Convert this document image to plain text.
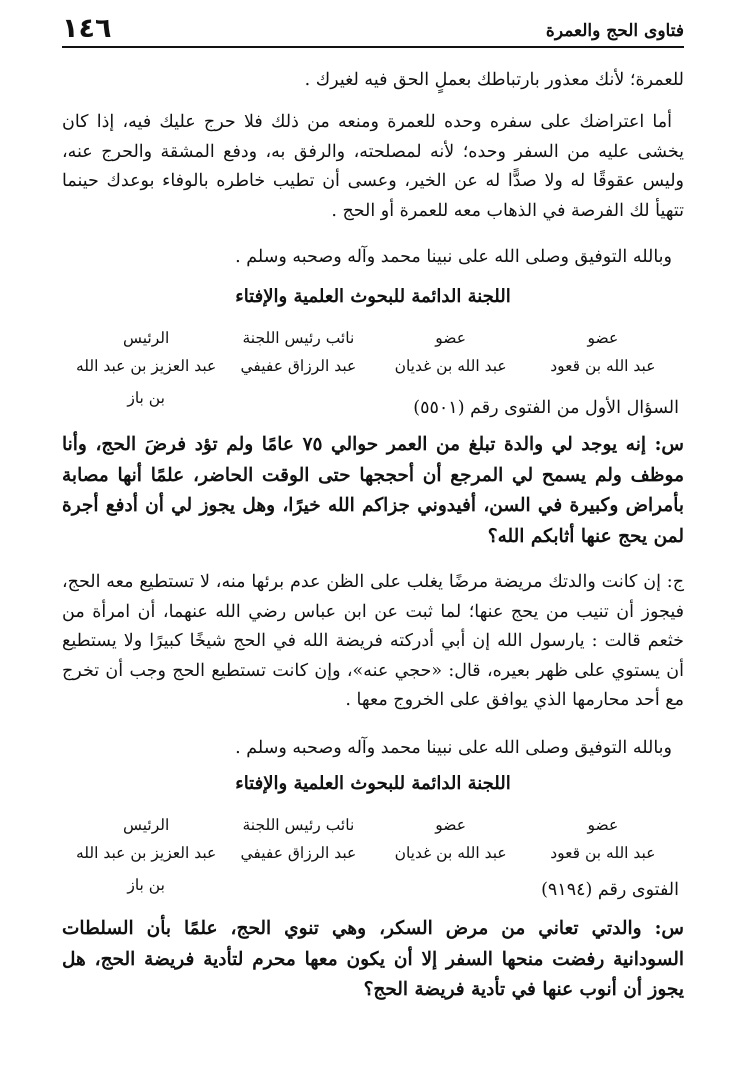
فتاوى الحج والعمرة
١٤٦
للعمرة؛ لأنك معذور بارتباطك بعملٍ الحق فيه لغيرك .
أما اعتراضك على سفره وحده للعمرة ومنعه من ذلك فلا حرج عليك فيه، إذا كان يخشى عليه من السفر وحده؛ لأنه لمصلحته، والرفق به، ودفع المشقة والحرج عنه، وليس عقوقًا له ولا صدًّا له عن الخير، وعسى أن تطيب خاطره بالوفاء بوعدك حينما تتهيأ لك الفرصة في الذهاب معه للعمرة أو الحج .
وبالله التوفيق وصلى الله على نبينا محمد وآله وصحبه وسلم .
اللجنة الدائمة للبحوث العلمية والإفتاء
عضو
عضو
نائب رئيس اللجنة
الرئيس
عبد الله بن قعود
عبد الله بن غديان
عبد الرزاق عفيفي
عبد العزيز بن عبد الله بن باز	السؤال الأول من الفتوى رقم (٥٥٠١)
س: إنه يوجد لي والدة تبلغ من العمر حوالي ٧٥ عامًا ولم تؤد فرضَ الحج، وأنا موظف ولم يسمح لي المرجع أن أحججها حتى الوقت الحاضر، علمًا أنها مصابة بأمراض وكبيرة في السن، أفيدوني جزاكم الله خيرًا، وهل يجوز لي أن أدفع أجرة لمن يحج عنها أثابكم الله؟
ج: إن كانت والدتك مريضة مرضًا يغلب على الظن عدم برئها منه، لا تستطيع معه الحج، فيجوز أن تنيب من يحج عنها؛ لما ثبت عن ابن عباس رضي الله عنهما، أن امرأة من خثعم قالت : يارسول الله إن أبي أدركته فريضة الله في الحج شيخًا كبيرًا ولا يستطيع أن يستوي على ظهر بعيره، قال: «حجي عنه»، وإن كانت تستطيع الحج وجب أن تخرج مع أحد محارمها الذي يوافق على الخروج معها .
وبالله التوفيق وصلى الله على نبينا محمد وآله وصحبه وسلم .
اللجنة الدائمة للبحوث العلمية والإفتاء
عضو
عضو
نائب رئيس اللجنة
الرئيس
عبد الله بن قعود
عبد الله بن غديان
عبد الرزاق عفيفي
عبد العزيز بن عبد الله بن باز	الفتوى رقم (٩١٩٤)
س: والدتي تعاني من مرض السكر، وهي تنوي الحج، علمًا بأن السلطات السودانية رفضت منحها السفر إلا أن يكون معها محرم لتأدية فريضة الحج، هل يجوز أن أنوب عنها في تأدية فريضة الحج؟
